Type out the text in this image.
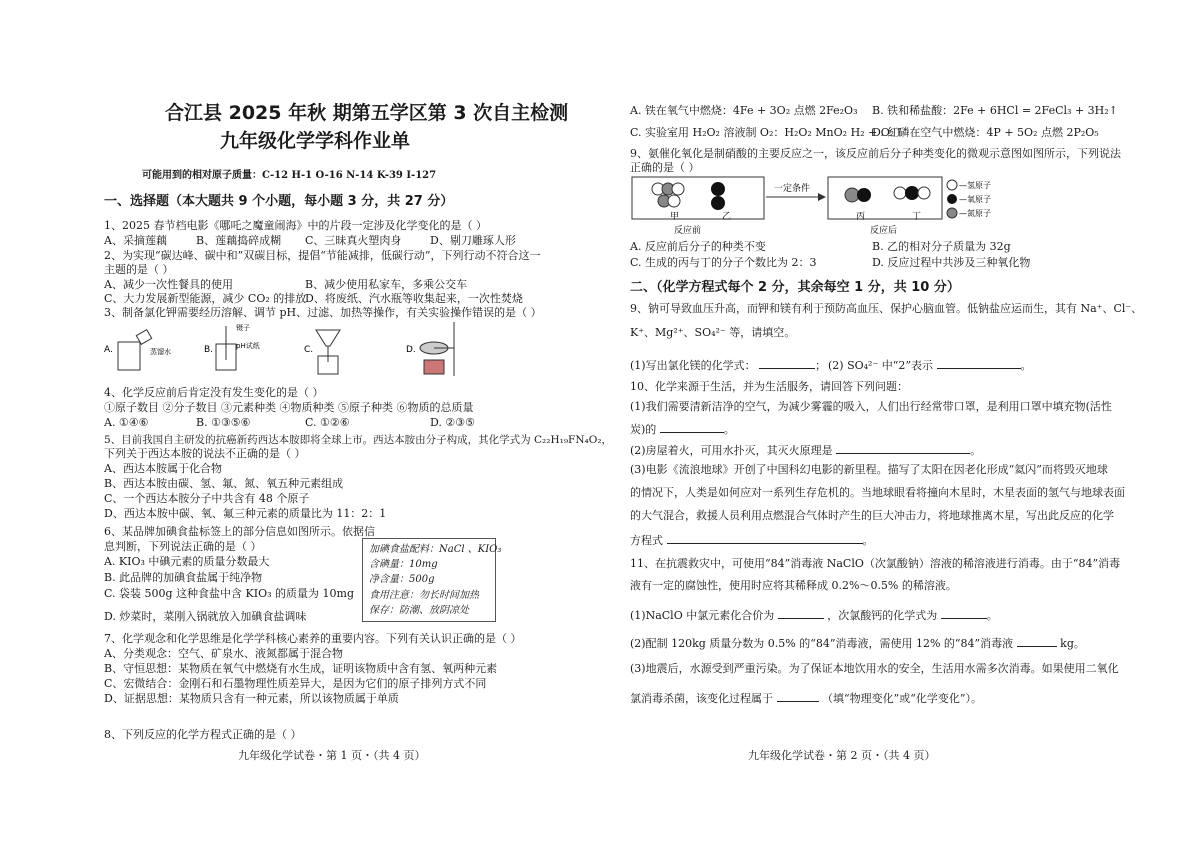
合江县 2025 年秋 期第五学区第 3 次自主检测
九年级化学学科作业单
可能用到的相对原子质量：C-12 H-1 O-16 N-14 K-39 I-127
一、选择题（本大题共 9 个小题，每小题 3 分，共 27 分）
1、2025 春节档电影《哪吒之魔童闹海》中的片段一定涉及化学变化的是（ ）
A、采摘莲藕	B、莲藕捣碎成糊 C、三昧真火塑肉身	D、剔刀雕琢人形
2、为实现“碳达峰、碳中和”双碳目标，提倡“节能减排，低碳行动”，下列行动不符合这一
主题的是（ ）
A、减少一次性餐具的使用	B、减少使用私家车，多乘公交车
C、大力发展新型能源，减少 CO₂ 的排放
D、将废纸、汽水瓶等收集起来，一次性焚烧
3、制备氯化钾需要经历溶解、调节 pH、过滤、加热等操作，有关实验操作错误的是（ ）
A.	蒸馏水	B.
镊子
pH试纸	C.	D.
4、化学反应前后肯定没有发生变化的是（ ）
①原子数目 ②分子数目 ③元素种类 ④物质种类 ⑤原子种类 ⑥物质的总质量
A. ①④⑥	B. ①③⑤⑥	C. ①②⑥	D. ②③⑤
5、目前我国自主研发的抗癌新药西达本胺即将全球上市。西达本胺由分子构成，其化学式为 C₂₂H₁₉FN₄O₂，
下列关于西达本胺的说法不正确的是（ ）
A、西达本胺属于化合物
B、西达本胺由碳、氢、氟、氮、氧五种元素组成
C、一个西达本胺分子中共含有 48 个原子
D、西达本胺中碳、氧、氟三种元素的质量比为 11：2：1
6、某品牌加碘食盐标签上的部分信息如图所示。依据信
息判断，下列说法正确的是（ ）
A. KIO₃ 中碘元素的质量分数最大
B. 此品牌的加碘食盐属于纯净物
C. 袋装 500g 这种食盐中含 KIO₃ 的质量为 10mg
D. 炒菜时，菜刚入锅就放入加碘食盐调味
加碘食盐配料：NaCl 、KIO₃
含碘量：10mg
净含量：500g
食用注意：勿长时间加热
保存：防潮、放阴凉处
7、化学观念和化学思维是化学学科核心素养的重要内容。下列有关认识正确的是（ ）
A、分类观念：空气、矿泉水、液氮都属于混合物
B、守恒思想：某物质在氧气中燃烧有水生成，证明该物质中含有氢、氧两种元素
C、宏微结合：金刚石和石墨物理性质差异大，是因为它们的原子排列方式不同
D、证据思想：某物质只含有一种元素，所以该物质属于单质
8、下列反应的化学方程式正确的是（ ）
九年级化学试卷・第 1 页・（共 4 页）
A. 铁在氧气中燃烧：4Fe + 3O₂ 点燃 2Fe₂O₃ B. 铁和稀盐酸：2Fe + 6HCl = 2FeCl₃ + 3H₂↑
C. 实验室用 H₂O₂ 溶液制 O₂：H₂O₂ MnO₂ H₂ + O₂↑
D. 红磷在空气中燃烧：4P + 5O₂ 点燃 2P₂O₅
9、氨催化氧化是制硝酸的主要反应之一，该反应前后分子种类变化的微观示意图如图所示，下列说法
正确的是（ ）
甲	乙
反应前
一定条件
丙	丁
反应后
—氢原子
—氧原子
—氮原子
A. 反应前后分子的种类不变	B. 乙的相对分子质量为 32g
C. 生成的丙与丁的分子个数比为 2：3	D. 反应过程中共涉及三种氧化物
二、（化学方程式每个 2 分，其余每空 1 分，共 10 分）
9、钠可导致血压升高，而钾和镁有利于预防高血压、保护心脑血管。低钠盐应运而生，其有 Na⁺、Cl⁻、
K⁺、Mg²⁺、SO₄²⁻ 等，请填空。
(1)写出氯化镁的化学式：	； (2) SO₄²⁻ 中“2”表示	。
10、化学来源于生活，并为生活服务，请回答下列问题：
(1)我们需要清新洁净的空气，为减少雾霾的吸入，人们出行经常带口罩，是利用口罩中填充物(活性
炭)的	。
(2)房屋着火，可用水扑灭，其灭火原理是	。
(3)电影《流浪地球》开创了中国科幻电影的新里程。描写了太阳在因老化形成“氦闪”而将毁灭地球
的情况下，人类是如何应对一系列生存危机的。当地球眼看将撞向木星时，木星表面的氢气与地球表面
的大气混合，救援人员利用点燃混合气体时产生的巨大冲击力，将地球推离木星，写出此反应的化学
方程式	。
11、在抗震救灾中，可使用“84”消毒液 NaClO（次氯酸钠）溶液的稀溶液进行消毒。由于“84”消毒
液有一定的腐蚀性，使用时应将其稀释成 0.2%～0.5% 的稀溶液。
(1)NaClO 中氯元素化合价为	，次氯酸钙的化学式为	。
(2)配制 120kg 质量分数为 0.5% 的“84”消毒液，需使用 12% 的“84”消毒液	kg。
(3)地震后，水源受到严重污染。为了保证本地饮用水的安全，生活用水需多次消毒。如果使用二氧化
氯消毒杀菌，该变化过程属于	（填“物理变化”或“化学变化”）。
九年级化学试卷・第 2 页・（共 4 页）
